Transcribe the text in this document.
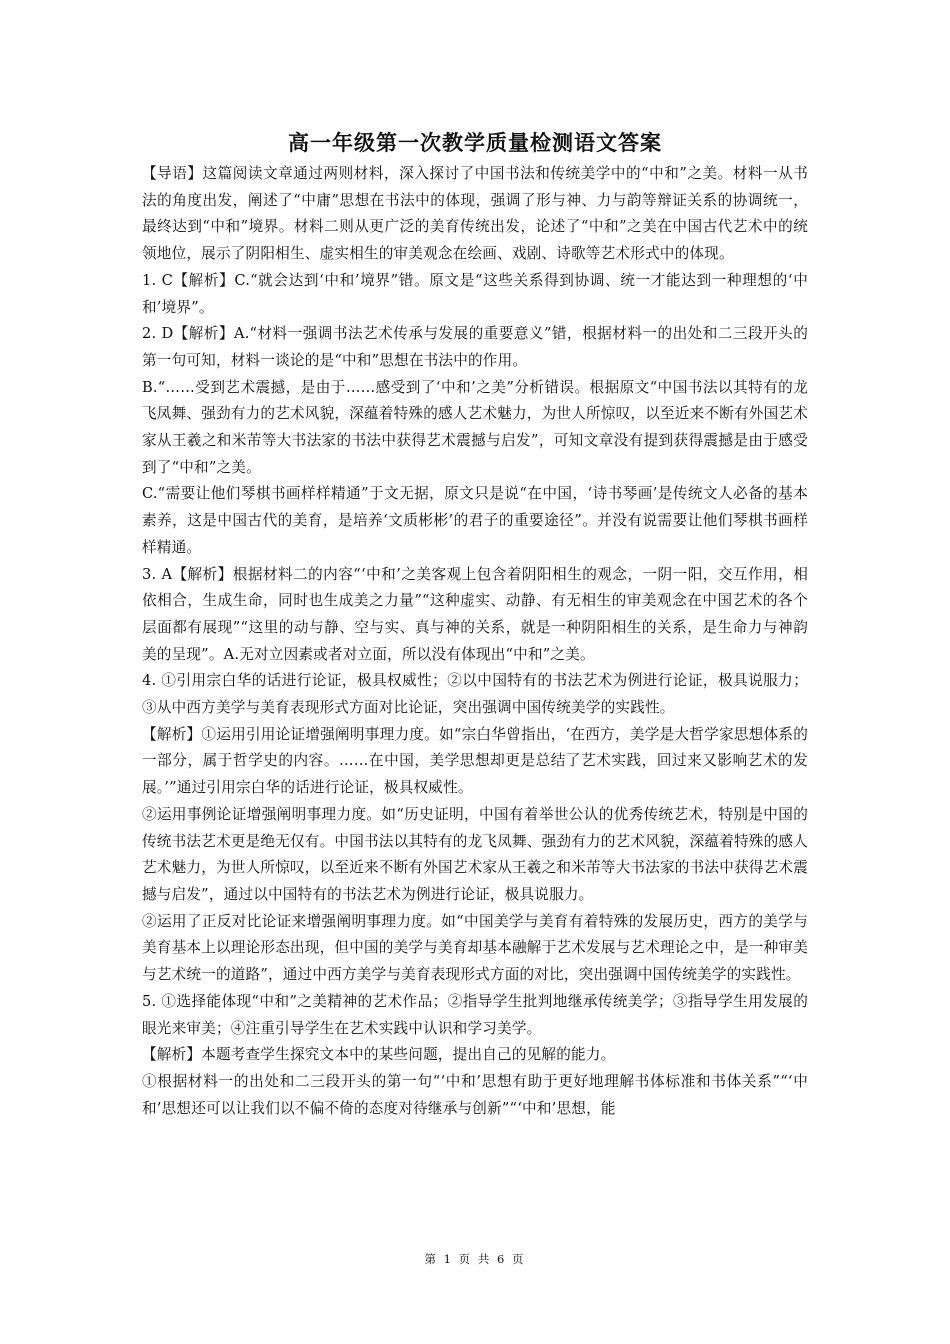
高一年级第一次教学质量检测语文答案

【导语】这篇阅读文章通过两则材料，深入探讨了中国书法和传统美学中的“中和”之美。材料一从书法的角度出发，阐述了“中庸”思想在书法中的体现，强调了形与神、力与韵等辩证关系的协调统一，最终达到“中和”境界。材料二则从更广泛的美育传统出发，论述了“中和”之美在中国古代艺术中的统领地位，展示了阴阳相生、虚实相生的审美观念在绘画、戏剧、诗歌等艺术形式中的体现。

1. C【解析】C.“就会达到‘中和’境界”错。原文是“这些关系得到协调、统一才能达到一种理想的‘中和’境界”。

2. D【解析】A.“材料一强调书法艺术传承与发展的重要意义”错，根据材料一的出处和二三段开头的第一句可知，材料一谈论的是“中和”思想在书法中的作用。

B.“……受到艺术震撼，是由于……感受到了‘中和’之美”分析错误。根据原文“中国书法以其特有的龙飞凤舞、强劲有力的艺术风貌，深蕴着特殊的感人艺术魅力，为世人所惊叹，以至近来不断有外国艺术家从王羲之和米芾等大书法家的书法中获得艺术震撼与启发”，可知文章没有提到获得震撼是由于感受到了“中和”之美。

C.“需要让他们琴棋书画样样精通”于文无据，原文只是说“在中国，‘诗书琴画’是传统文人必备的基本素养，这是中国古代的美育，是培养‘文质彬彬’的君子的重要途径”。并没有说需要让他们琴棋书画样样精通。

3. A【解析】根据材料二的内容“‘中和’之美客观上包含着阴阳相生的观念，一阴一阳，交互作用，相依相合，生成生命，同时也生成美之力量”“这种虚实、动静、有无相生的审美观念在中国艺术的各个层面都有展现”“这里的动与静、空与实、真与神的关系，就是一种阴阳相生的关系，是生命力与神韵美的呈现”。A.无对立因素或者对立面，所以没有体现出“中和”之美。

4. ①引用宗白华的话进行论证，极具权威性；②以中国特有的书法艺术为例进行论证，极具说服力；③从中西方美学与美育表现形式方面对比论证，突出强调中国传统美学的实践性。

【解析】①运用引用论证增强阐明事理力度。如“宗白华曾指出，‘在西方，美学是大哲学家思想体系的一部分，属于哲学史的内容。……在中国，美学思想却更是总结了艺术实践，回过来又影响艺术的发展。’”通过引用宗白华的话进行论证，极具权威性。

②运用事例论证增强阐明事理力度。如“历史证明，中国有着举世公认的优秀传统艺术，特别是中国的传统书法艺术更是绝无仅有。中国书法以其特有的龙飞凤舞、强劲有力的艺术风貌，深蕴着特殊的感人艺术魅力，为世人所惊叹，以至近来不断有外国艺术家从王羲之和米芾等大书法家的书法中获得艺术震撼与启发”，通过以中国特有的书法艺术为例进行论证，极具说服力。

②运用了正反对比论证来增强阐明事理力度。如“中国美学与美育有着特殊的发展历史，西方的美学与美育基本上以理论形态出现，但中国的美学与美育却基本融解于艺术发展与艺术理论之中，是一种审美与艺术统一的道路”，通过中西方美学与美育表现形式方面的对比，突出强调中国传统美学的实践性。

5. ①选择能体现“中和”之美精神的艺术作品；②指导学生批判地继承传统美学；③指导学生用发展的眼光来审美；④注重引导学生在艺术实践中认识和学习美学。

【解析】本题考查学生探究文本中的某些问题，提出自己的见解的能力。

①根据材料一的出处和二三段开头的第一句“‘中和’思想有助于更好地理解书体标准和书体关系”“‘中和’思想还可以让我们以不偏不倚的态度对待继承与创新”“‘中和’思想，能

第 1 页 共 6 页
